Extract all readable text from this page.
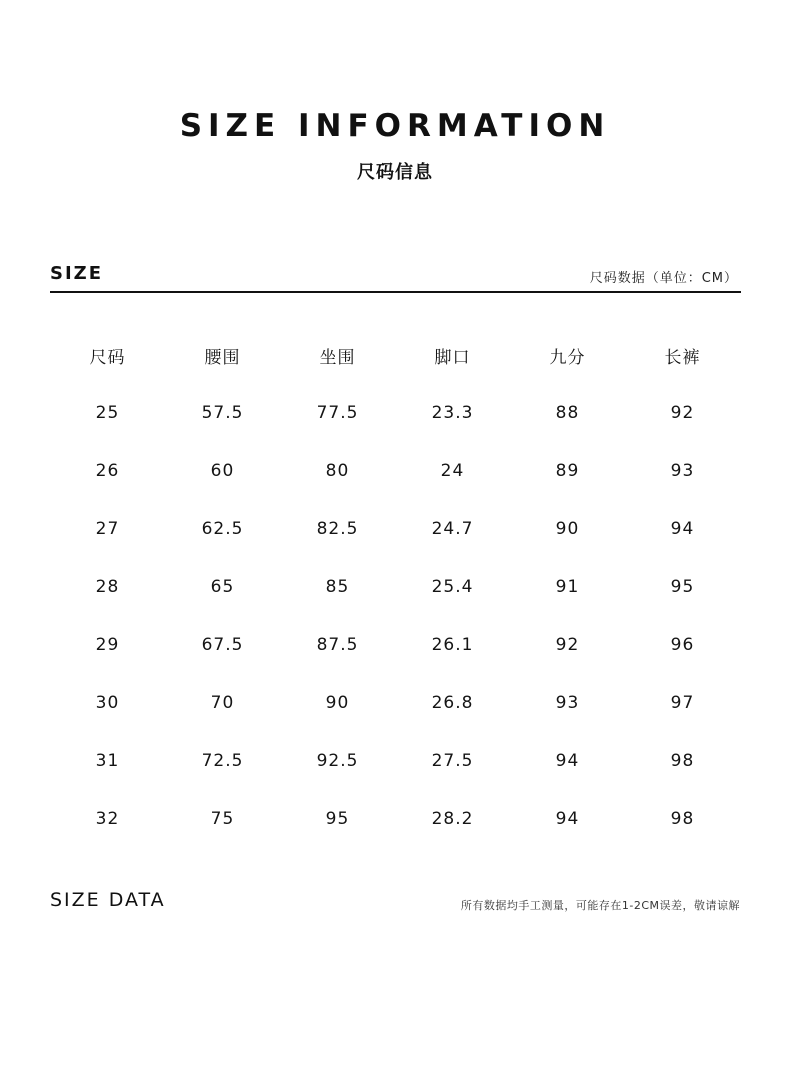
SIZE INFORMATION
尺码信息
SIZE	尺码数据（单位：CM）
尺码	腰围	坐围	脚口	九分	长裤
25	57.5	77.5	23.3	88	92
26	60	80	24	89	93
27	62.5	82.5	24.7	90	94
28	65	85	25.4	91	95
29	67.5	87.5	26.1	92	96
30	70	90	26.8	93	97
31	72.5	92.5	27.5	94	98
32	75	95	28.2	94	98
SIZE DATA	所有数据均手工测量，可能存在1-2CM误差，敬请谅解
